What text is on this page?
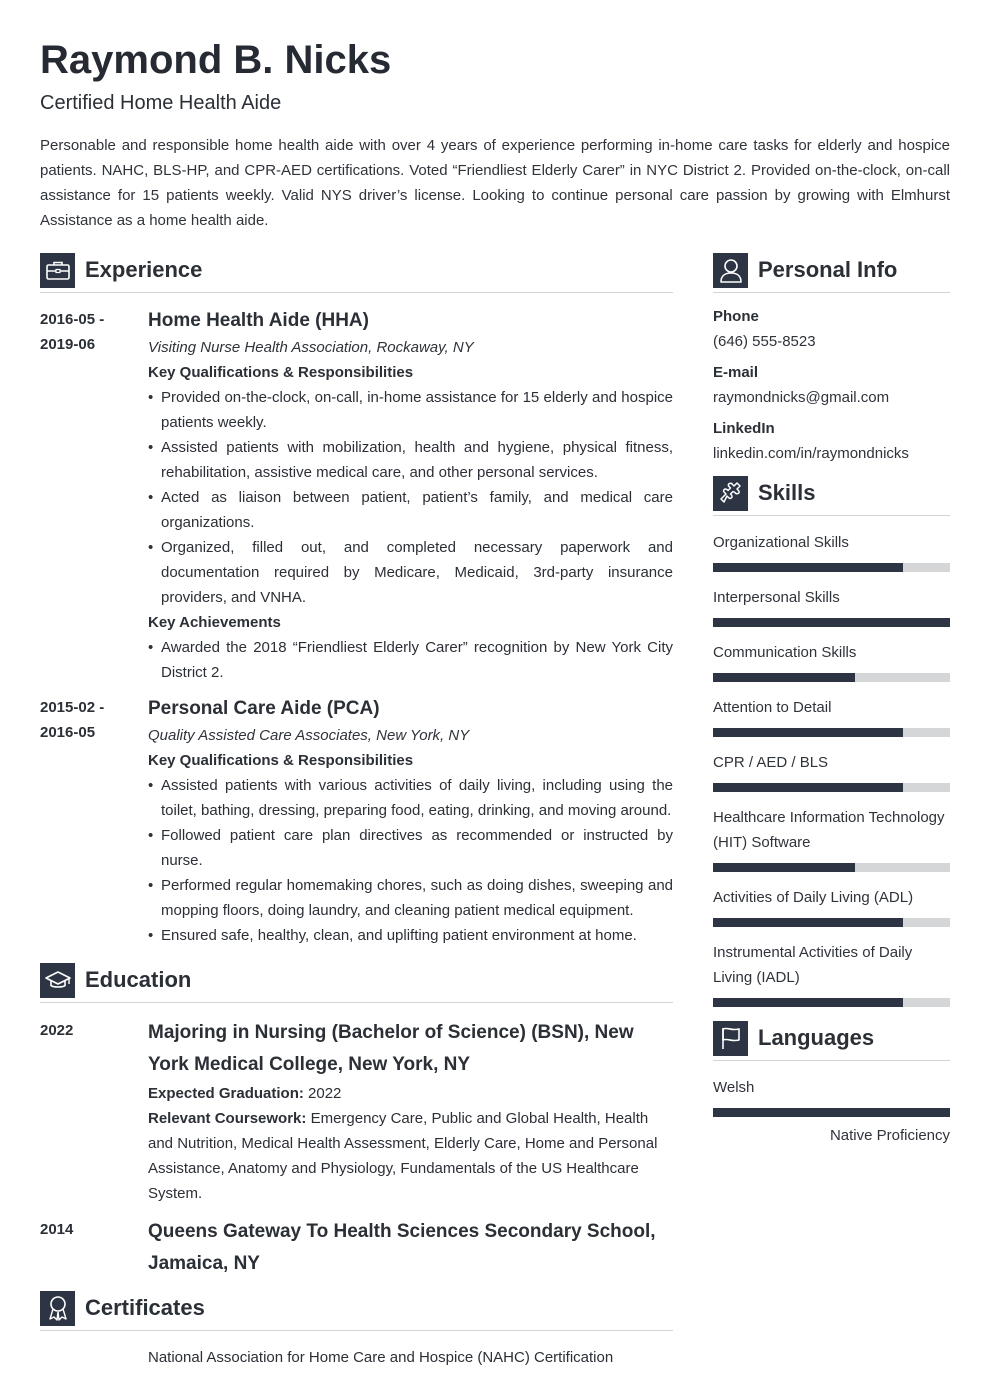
Raymond B. Nicks
Certified Home Health Aide
Personable and responsible home health aide with over 4 years of experience performing in-home care tasks for elderly and hospice patients. NAHC, BLS-HP, and CPR-AED certifications. Voted “Friendliest Elderly Carer” in NYC District 2. Provided on-the-clock, on-call assistance for 15 patients weekly. Valid NYS driver’s license. Looking to continue personal care passion by growing with Elmhurst Assistance as a home health aide.
Experience
2016-05 -
2019-06
Home Health Aide (HHA)
Visiting Nurse Health Association, Rockaway, NY
Key Qualifications & Responsibilities
• Provided on-the-clock, on-call, in-home assistance for 15 elderly and hospice patients weekly.
• Assisted patients with mobilization, health and hygiene, physical fitness, rehabilitation, assistive medical care, and other personal services.
• Acted as liaison between patient, patient’s family, and medical care organizations.
• Organized, filled out, and completed necessary paperwork and documentation required by Medicare, Medicaid, 3rd-party insurance providers, and VNHA.
Key Achievements
• Awarded the 2018 “Friendliest Elderly Carer” recognition by New York City District 2.
2015-02 -
2016-05
Personal Care Aide (PCA)
Quality Assisted Care Associates, New York, NY
Key Qualifications & Responsibilities
• Assisted patients with various activities of daily living, including using the toilet, bathing, dressing, preparing food, eating, drinking, and moving around.
• Followed patient care plan directives as recommended or instructed by nurse.
• Performed regular homemaking chores, such as doing dishes, sweeping and mopping floors, doing laundry, and cleaning patient medical equipment.
• Ensured safe, healthy, clean, and uplifting patient environment at home.
Education
2022	Majoring in Nursing (Bachelor of Science) (BSN), New York Medical College, New York, NY
Expected Graduation: 2022
Relevant Coursework: Emergency Care, Public and Global Health, Health and Nutrition, Medical Health Assessment, Elderly Care, Home and Personal Assistance, Anatomy and Physiology, Fundamentals of the US Healthcare System.
2014	Queens Gateway To Health Sciences Secondary School, Jamaica, NY
Certificates
National Association for Home Care and Hospice (NAHC) Certification
Personal Info
Phone
(646) 555-8523
E-mail
raymondnicks@gmail.com
LinkedIn
linkedin.com/in/raymondnicks
Skills
Organizational Skills
Interpersonal Skills
Communication Skills
Attention to Detail
CPR / AED / BLS
Healthcare Information Technology (HIT) Software
Activities of Daily Living (ADL)
Instrumental Activities of Daily Living (IADL)
Languages
Welsh
Native Proficiency
